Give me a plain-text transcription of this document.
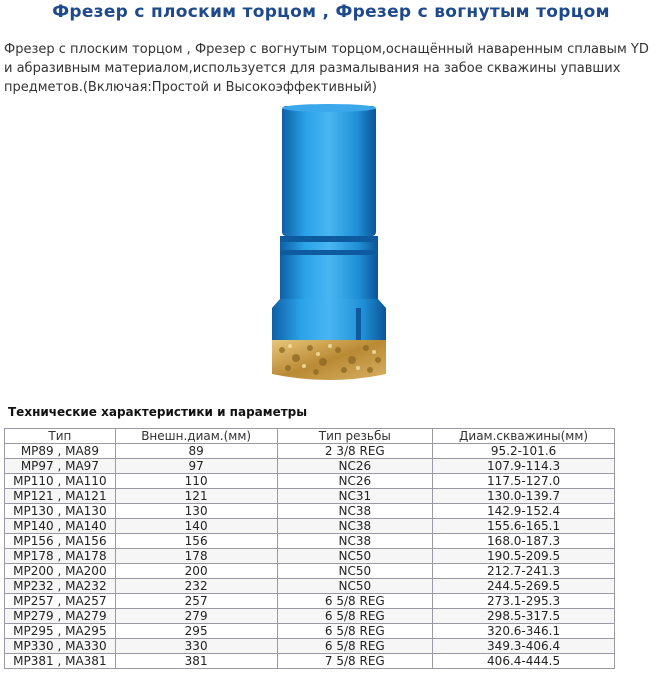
Фрезер с плоским торцом , Фрезер с вогнутым торцом
Фрезер с плоским торцом , Фрезер с вогнутым торцом,оснащённый наваренным сплавым YD и абразивным материалом,используется для размалывания на забое скважины упавших предметов.(Включая:Простой и Высокоэффективный)
Технические характеристики и параметры
Тип	Внешн.диам.(мм)	Тип резьбы	Диам.скважины(мм)
MP89 , MA89	89	2 3/8 REG	95.2-101.6
MP97 , MA97	97	NC26	107.9-114.3
MP110 , MA110	110	NC26	117.5-127.0
MP121 , MA121	121	NC31	130.0-139.7
MP130 , MA130	130	NC38	142.9-152.4
MP140 , MA140	140	NC38	155.6-165.1
MP156 , MA156	156	NC38	168.0-187.3
MP178 , MA178	178	NC50	190.5-209.5
MP200 , MA200	200	NC50	212.7-241.3
MP232 , MA232	232	NC50	244.5-269.5
MP257 , MA257	257	6 5/8 REG	273.1-295.3
MP279 , MA279	279	6 5/8 REG	298.5-317.5
MP295 , MA295	295	6 5/8 REG	320.6-346.1
MP330 , MA330	330	6 5/8 REG	349.3-406.4
MP381 , MA381	381	7 5/8 REG	406.4-444.5
